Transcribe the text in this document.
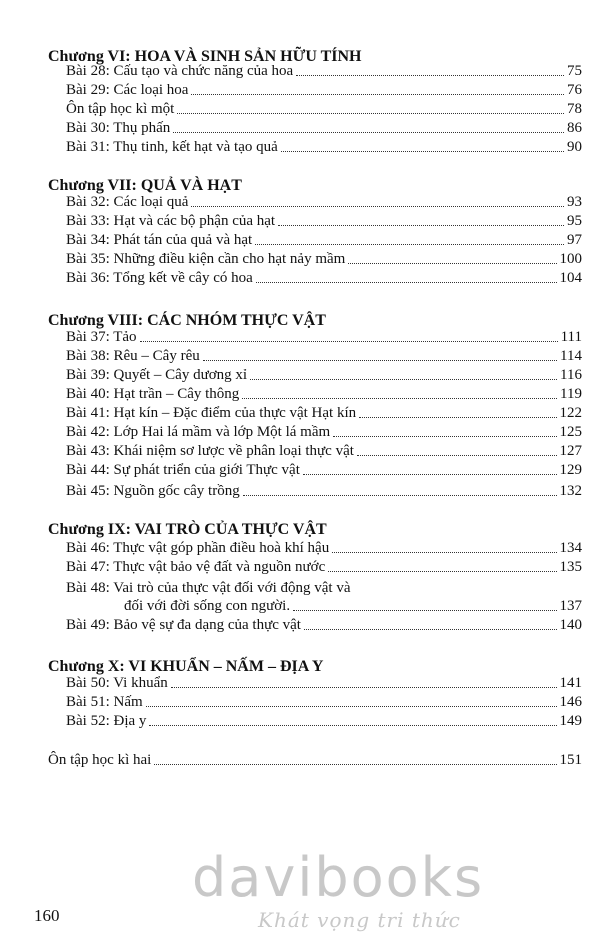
Chương VI: HOA VÀ SINH SẢN HỮU TÍNH
Bài 28: Cấu tạo và chức năng của hoa	75
Bài 29: Các loại hoa	76
Ôn tập học kì một	78
Bài 30: Thụ phấn	86
Bài 31: Thụ tinh, kết hạt và tạo quả	90
Chương VII: QUẢ VÀ HẠT
Bài 32: Các loại quả	93
Bài 33: Hạt và các bộ phận của hạt	95
Bài 34: Phát tán của quả và hạt	97
Bài 35: Những điều kiện cần cho hạt nảy mầm	100
Bài 36: Tổng kết về cây có hoa	104
Chương VIII: CÁC NHÓM THỰC VẬT
Bài 37: Tảo	111
Bài 38: Rêu – Cây rêu	114
Bài 39: Quyết – Cây dương xỉ	116
Bài 40: Hạt trần – Cây thông	119
Bài 41: Hạt kín – Đặc điểm của thực vật Hạt kín	122
Bài 42: Lớp Hai lá mầm và lớp Một lá mầm	125
Bài 43: Khái niệm sơ lược về phân loại thực vật	127
Bài 44: Sự phát triển của giới Thực vật	129
Bài 45: Nguồn gốc cây trồng	132
Chương IX: VAI TRÒ CỦA THỰC VẬT
Bài 46: Thực vật góp phần điều hoà khí hậu	134
Bài 47: Thực vật bảo vệ đất và nguồn nước	135
Bài 48: Vai trò của thực vật đối với động vật và
đối với đời sống con người.	137
Bài 49: Bảo vệ sự đa dạng của thực vật	140
Chương X: VI KHUẨN – NẤM – ĐỊA Y
Bài 50: Vi khuẩn	141
Bài 51: Nấm	146
Bài 52: Địa y	149
Ôn tập học kì hai	151
davibooks
Khát vọng tri thức
160
